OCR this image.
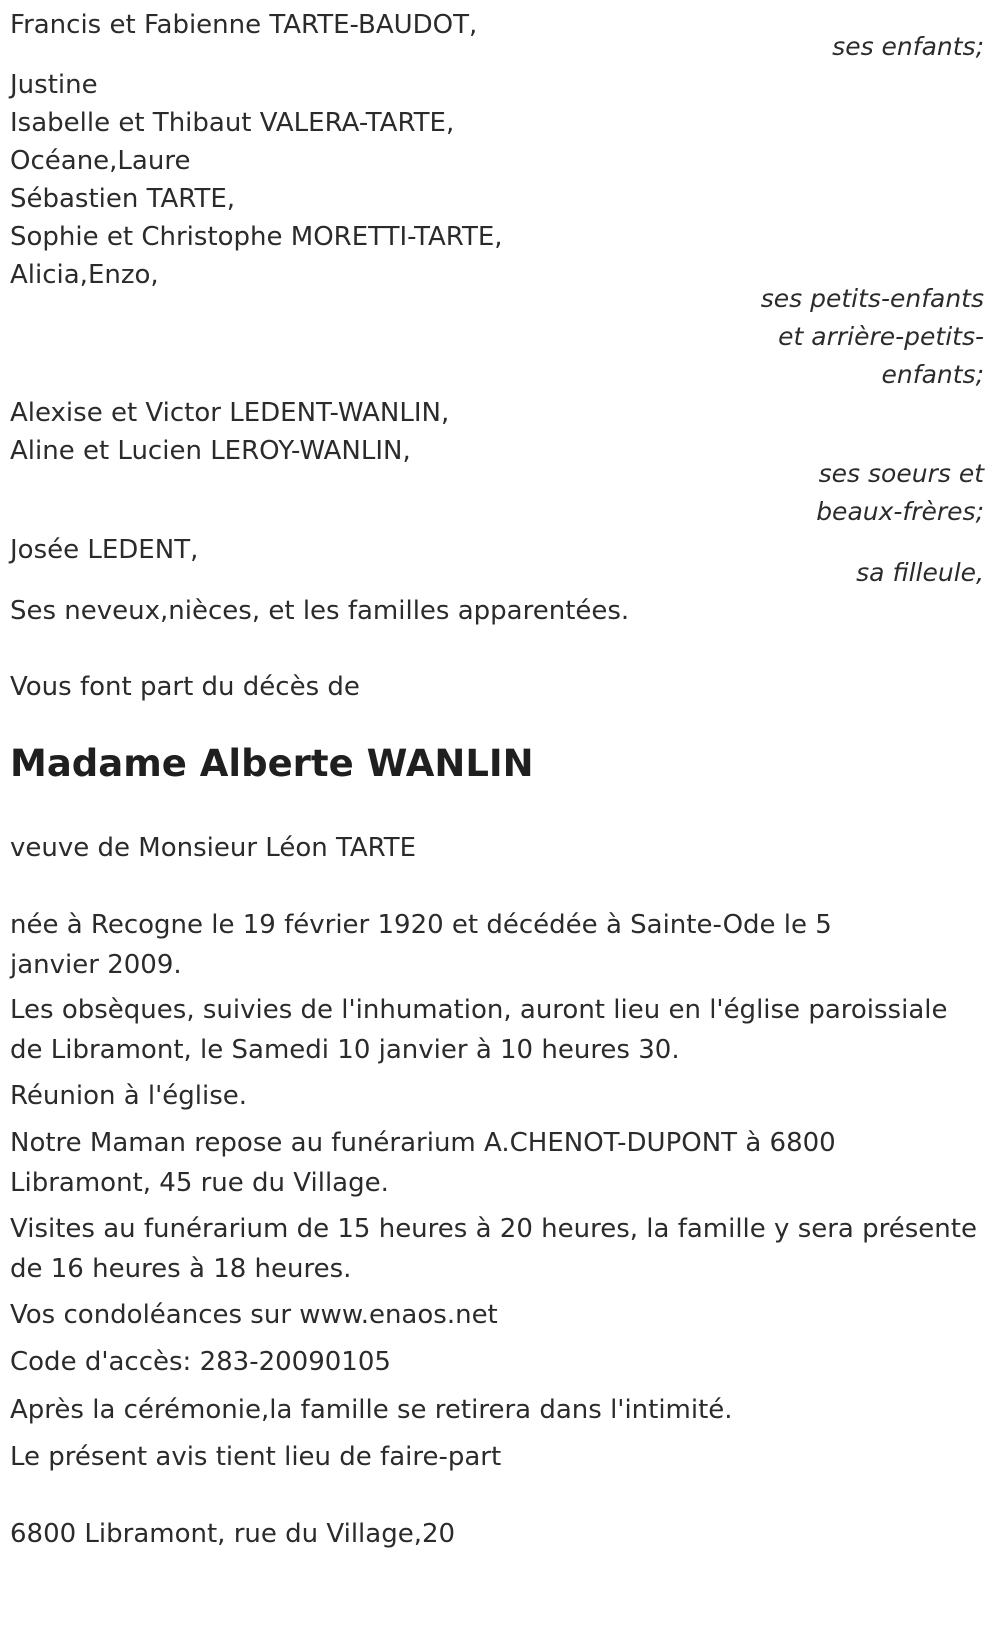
Francis et Fabienne TARTE-BAUDOT,

ses enfants;

Justine

Isabelle et Thibaut VALERA-TARTE,

Océane,Laure

Sébastien TARTE,

Sophie et Christophe MORETTI-TARTE,

Alicia,Enzo,

ses petits-enfants

et arrière-petits-

enfants;

Alexise et Victor LEDENT-WANLIN,

Aline et Lucien LEROY-WANLIN,

ses soeurs et

beaux-frères;

Josée LEDENT,

sa filleule,

Ses neveux,nièces, et les familles apparentées.

Vous font part du décès de

Madame Alberte WANLIN

veuve de Monsieur Léon TARTE

née à Recogne le 19 février 1920 et décédée à Sainte-Ode le 5 janvier 2009.

Les obsèques, suivies de l'inhumation, auront lieu en l'église paroissiale de Libramont, le Samedi 10 janvier à 10 heures 30.

Réunion à l'église.

Notre Maman repose au funérarium A.CHENOT-DUPONT à 6800 Libramont, 45 rue du Village.

Visites au funérarium de 15 heures à 20 heures, la famille y sera présente de 16 heures à 18 heures.

Vos condoléances sur www.enaos.net

Code d'accès: 283-20090105

Après la cérémonie,la famille se retirera dans l'intimité.

Le présent avis tient lieu de faire-part

6800 Libramont, rue du Village,20
